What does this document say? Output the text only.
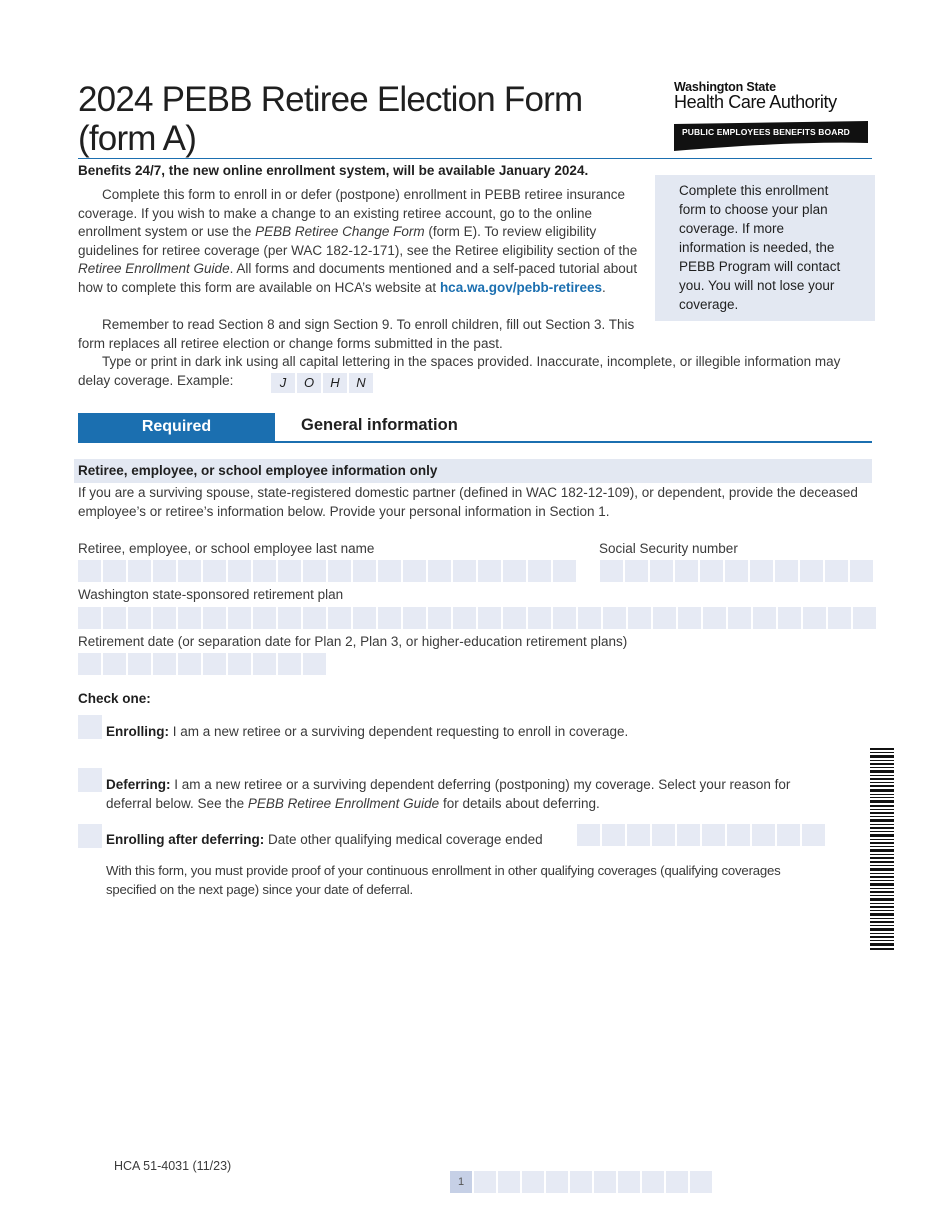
2024 PEBB Retiree Election Form (form A)
Washington State
Health Care Authority
PUBLIC EMPLOYEES BENEFITS BOARD
Benefits 24/7, the new online enrollment system, will be available January 2024.
Complete this form to enroll in or defer (postpone) enrollment in PEBB retiree insurance coverage. If you wish to make a change to an existing retiree account, go to the online enrollment system or use the PEBB Retiree Change Form (form E). To review eligibility guidelines for retiree coverage (per WAC 182-12-171), see the Retiree eligibility section of the Retiree Enrollment Guide. All forms and documents mentioned and a self-paced tutorial about how to complete this form are available on HCA’s website at hca.wa.gov/pebb-retirees.
Remember to read Section 8 and sign Section 9. To enroll children, fill out Section 3. This form replaces all retiree election or change forms submitted in the past.
Type or print in dark ink using all capital lettering in the spaces provided. Inaccurate, incomplete, or illegible information may delay coverage. Example:	J	O	H	N
Complete this enrollment form to choose your plan coverage. If more information is needed, the PEBB Program will contact you. You will not lose your coverage.
Required	General information
Retiree, employee, or school employee information only
If you are a surviving spouse, state-registered domestic partner (defined in WAC 182-12-109), or dependent, provide the deceased employee’s or retiree’s information below. Provide your personal information in Section 1.
Retiree, employee, or school employee last name	Social Security number
Washington state-sponsored retirement plan
Retirement date (or separation date for Plan 2, Plan 3, or higher-education retirement plans)
Check one:
Enrolling: I am a new retiree or a surviving dependent requesting to enroll in coverage.
Deferring: I am a new retiree or a surviving dependent deferring (postponing) my coverage. Select your reason for deferral below. See the PEBB Retiree Enrollment Guide for details about deferring.
Enrolling after deferring: Date other qualifying medical coverage ended
With this form, you must provide proof of your continuous enrollment in other qualifying coverages (qualifying coverages specified on the next page) since your date of deferral.
HCA 51-4031 (11/23)
1
